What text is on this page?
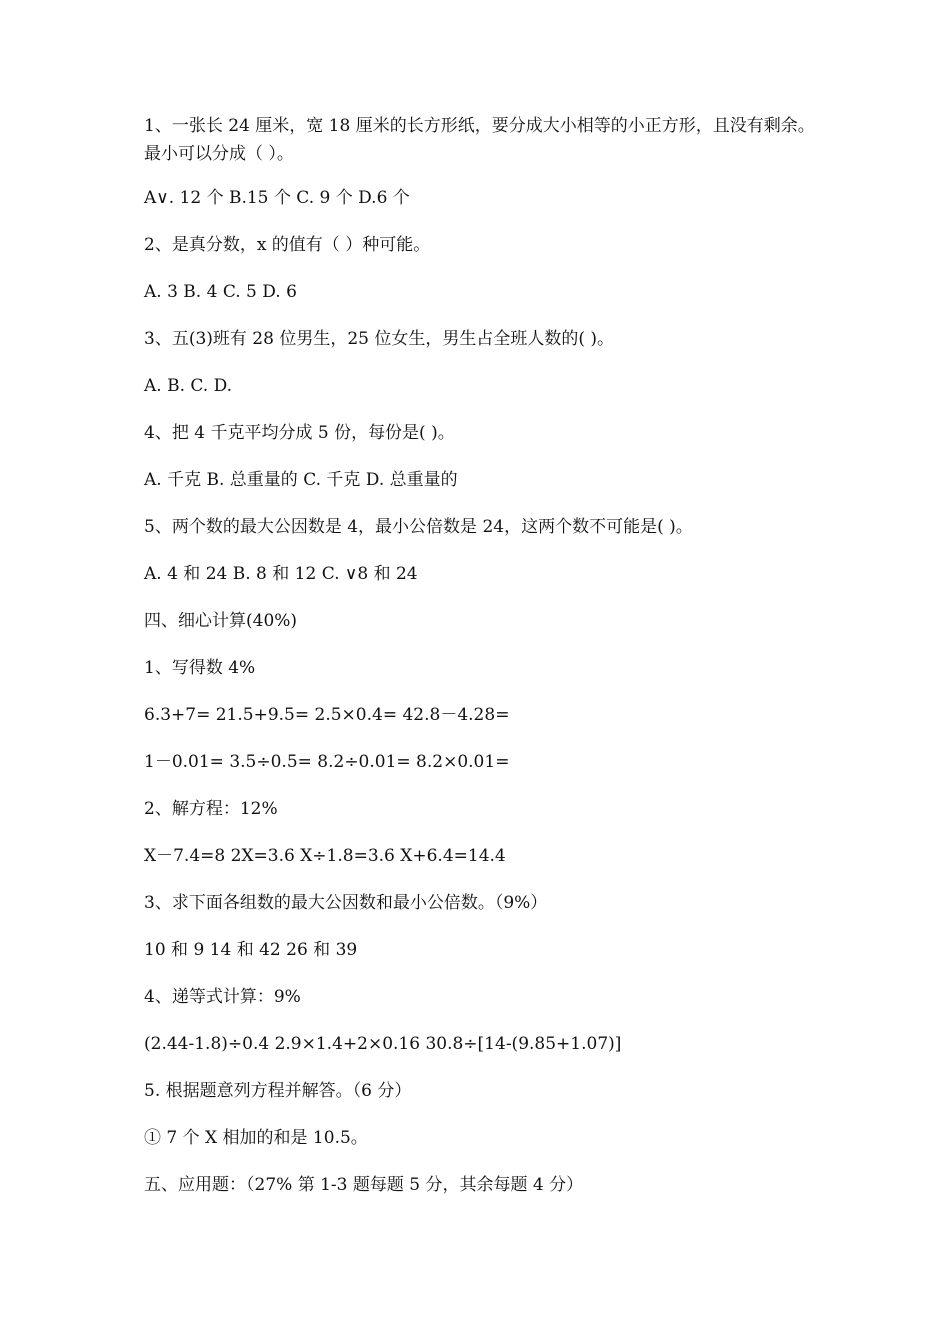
1、一张长 24 厘米，宽 18 厘米的长方形纸，要分成大小相等的小正方形，且没有剩余。最小可以分成（ ）。

A∨. 12 个 B.15 个 C. 9 个 D.6 个

2、是真分数，x 的值有（ ）种可能。

A. 3 B. 4 C. 5 D. 6

3、五(3)班有 28 位男生，25 位女生，男生占全班人数的( )。

A. B. C. D.

4、把 4 千克平均分成 5 份，每份是( )。

A. 千克 B. 总重量的 C. 千克 D. 总重量的

5、两个数的最大公因数是 4，最小公倍数是 24，这两个数不可能是( )。

A. 4 和 24 B. 8 和 12 C. ∨8 和 24

四、细心计算(40%)

1、写得数 4%

6.3+7= 21.5+9.5= 2.5×0.4= 42.8－4.28=

1－0.01= 3.5÷0.5= 8.2÷0.01= 8.2×0.01=

2、解方程：12%

X－7.4=8 2X=3.6 X÷1.8=3.6 X+6.4=14.4

3、求下面各组数的最大公因数和最小公倍数。（9%）

10 和 9 14 和 42 26 和 39

4、递等式计算：9%

(2.44-1.8)÷0.4 2.9×1.4+2×0.16 30.8÷[14-(9.85+1.07)]

5. 根据题意列方程并解答。（6 分）

① 7 个 X 相加的和是 10.5。

五、应用题：（27% 第 1-3 题每题 5 分，其余每题 4 分）
